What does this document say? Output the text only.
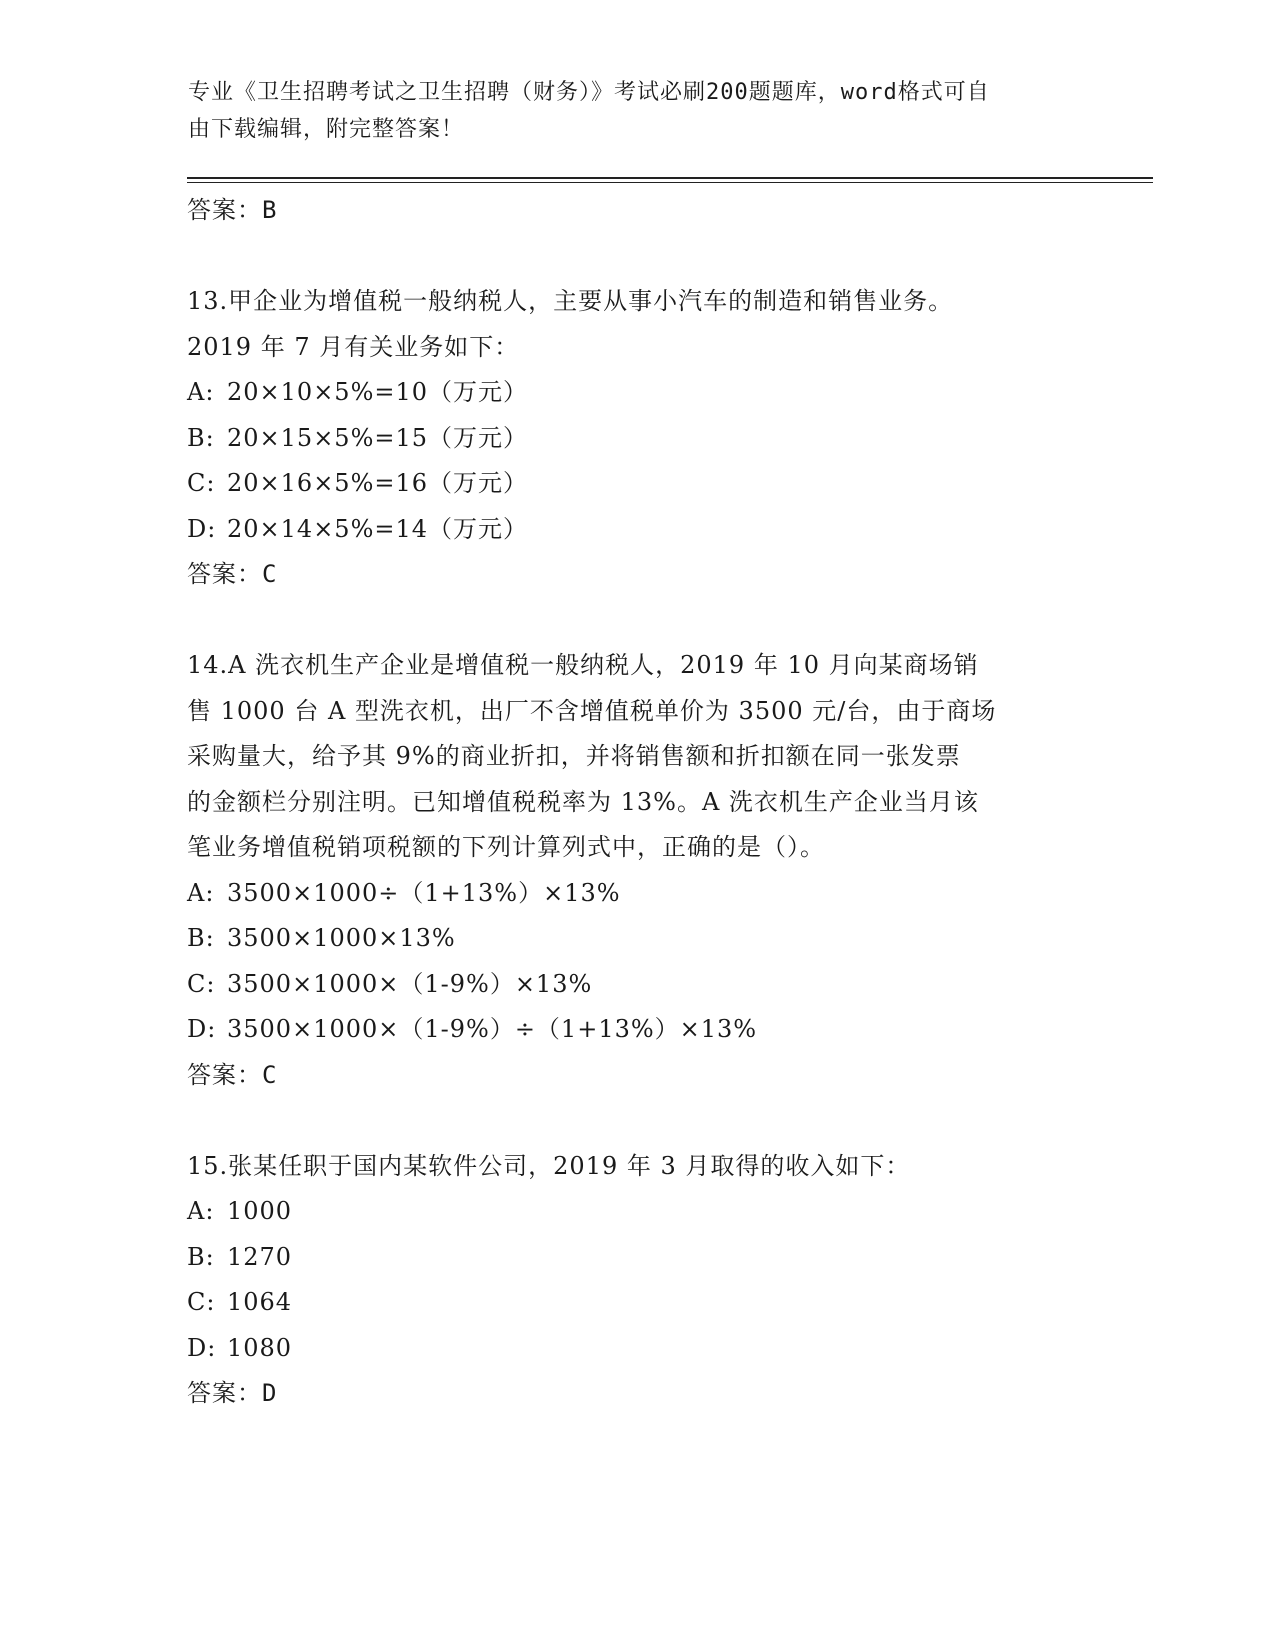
专业《卫生招聘考试之卫生招聘（财务）》考试必刷200题题库，word格式可自
由下载编辑，附完整答案！
答案：B
13.甲企业为增值税一般纳税人，主要从事小汽车的制造和销售业务。
2019 年 7 月有关业务如下：
A: 20×10×5%=10（万元）
B: 20×15×5%=15（万元）
C: 20×16×5%=16（万元）
D: 20×14×5%=14（万元）
答案：C
14.A 洗衣机生产企业是增值税一般纳税人，2019 年 10 月向某商场销
售 1000 台 A 型洗衣机，出厂不含增值税单价为 3500 元/台，由于商场
采购量大，给予其 9%的商业折扣，并将销售额和折扣额在同一张发票
的金额栏分别注明。已知增值税税率为 13%。A 洗衣机生产企业当月该
笔业务增值税销项税额的下列计算列式中，正确的是（）。
A: 3500×1000÷（1+13%）×13%
B: 3500×1000×13%
C: 3500×1000×（1-9%）×13%
D: 3500×1000×（1-9%）÷（1+13%）×13%
答案：C
15.张某任职于国内某软件公司，2019 年 3 月取得的收入如下：
A: 1000
B: 1270
C: 1064
D: 1080
答案：D
